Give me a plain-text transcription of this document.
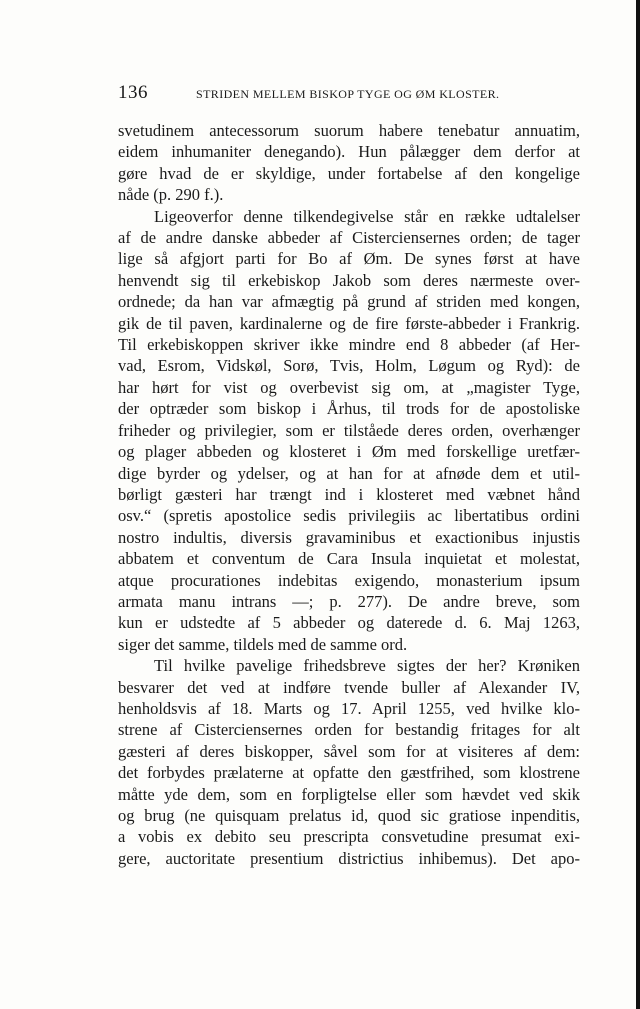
136	STRIDEN MELLEM BISKOP TYGE OG ØM KLOSTER.
svetudinem antecessorum suorum habere tenebatur annuatim,
eidem inhumaniter denegando). Hun pålægger dem derfor at
gøre hvad de er skyldige, under fortabelse af den kongelige
nåde (p. 290 f.).
Ligeoverfor denne tilkendegivelse står en række udtalelser
af de andre danske abbeder af Cisterciensernes orden; de tager
lige så afgjort parti for Bo af Øm. De synes først at have
henvendt sig til erkebiskop Jakob som deres nærmeste over-
ordnede; da han var afmægtig på grund af striden med kongen,
gik de til paven, kardinalerne og de fire første-abbeder i Frankrig.
Til erkebiskoppen skriver ikke mindre end 8 abbeder (af Her-
vad, Esrom, Vidskøl, Sorø, Tvis, Holm, Løgum og Ryd): de
har hørt for vist og overbevist sig om, at „magister Tyge,
der optræder som biskop i Århus, til trods for de apostoliske
friheder og privilegier, som er tilståede deres orden, overhænger
og plager abbeden og klosteret i Øm med forskellige uretfær-
dige byrder og ydelser, og at han for at afnøde dem et util-
børligt gæsteri har trængt ind i klosteret med væbnet hånd
osv.“ (spretis apostolice sedis privilegiis ac libertatibus ordini
nostro indultis, diversis gravaminibus et exactionibus injustis
abbatem et conventum de Cara Insula inquietat et molestat,
atque procurationes indebitas exigendo, monasterium ipsum
armata manu intrans —; p. 277). De andre breve, som
kun er udstedte af 5 abbeder og daterede d. 6. Maj 1263,
siger det samme, tildels med de samme ord.
Til hvilke pavelige frihedsbreve sigtes der her? Krøniken
besvarer det ved at indføre tvende buller af Alexander IV,
henholdsvis af 18. Marts og 17. April 1255, ved hvilke klo-
strene af Cisterciensernes orden for bestandig fritages for alt
gæsteri af deres biskopper, såvel som for at visiteres af dem:
det forbydes prælaterne at opfatte den gæstfrihed, som klostrene
måtte yde dem, som en forpligtelse eller som hævdet ved skik
og brug (ne quisquam prelatus id, quod sic gratiose inpenditis,
a vobis ex debito seu prescripta consvetudine presumat exi-
gere, auctoritate presentium districtius inhibemus). Det apo-
